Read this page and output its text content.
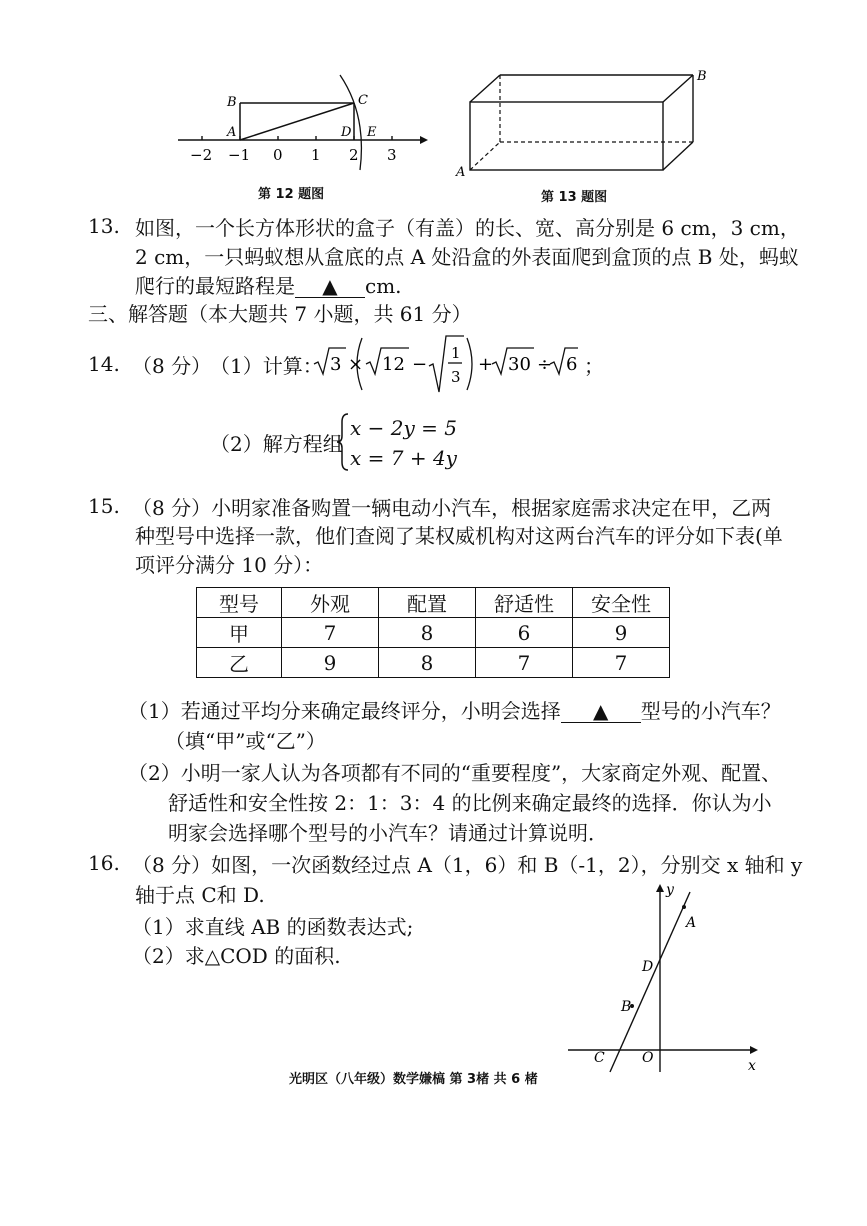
B
A
C
D E
−2 −1 0 1 2 3
第 12 题图
A
B
第 13 题图
13. 如图，一个长方体形状的盒子（有盖）的长、宽、高分别是 6 cm，3 cm，
2 cm，一只蚂蚁想从盒底的点 A 处沿盒的外表面爬到盒顶的点 B 处，蚂蚁
爬行的最短路程是 ▲ cm.
三、解答题（本大题共 7 小题，共 61 分）
14. （8 分）
（1）计算： 3 × 12 −
1
3
+ 30 ÷ 6 ；
（2）解方程组
x − 2y = 5
x = 7 + 4y
15. （8 分）小明家准备购置一辆电动小汽车，根据家庭需求决定在甲，乙两
种型号中选择一款，他们查阅了某权威机构对这两台汽车的评分如下表(单
项评分满分 10 分）：
型号	外观	配置	舒适性	安全性
甲	7	8	6	9
乙	9	8	7	7
（1）若通过平均分来确定最终评分，小明会选择 ▲ 型号的小汽车？
（填“甲”或“乙”）
（2）小明一家人认为各项都有不同的“重要程度”，大家商定外观、配置、
舒适性和安全性按 2：1：3：4 的比例来确定最终的选择．你认为小
明家会选择哪个型号的小汽车？请通过计算说明．
16. （8 分）如图，一次函数经过点 A（1，6）和 B（-1，2），分别交 x 轴和 y
轴于点 C和 D.
（1）求直线 AB 的函数表达式;
（2）求△COD 的面积.
y
x
A
D
B
C	O
光明区（八年级）数学嫌槁 第 3楮 共 6 楮
